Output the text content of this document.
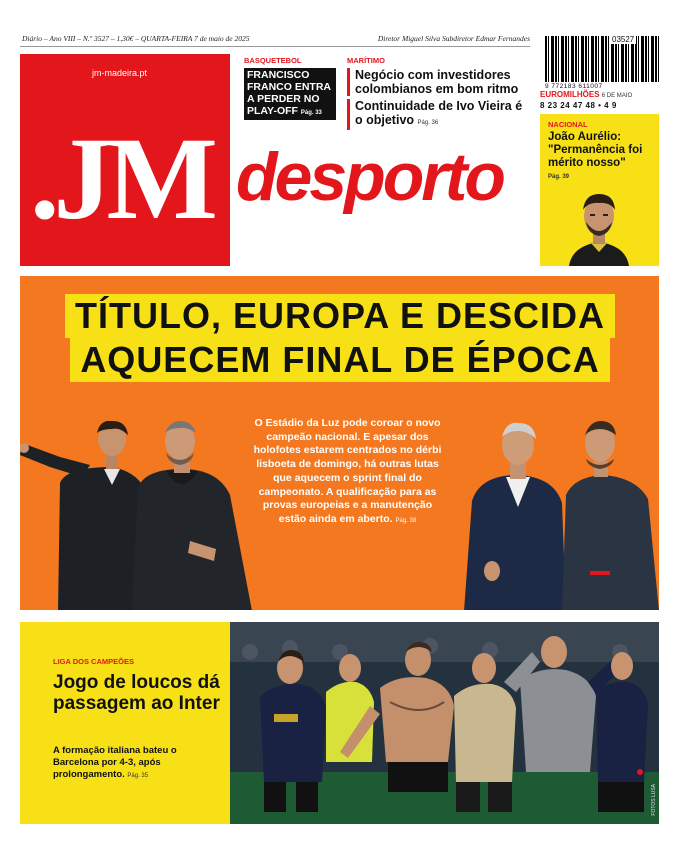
Diário – Ano VIII – N.º 3527 – 1,30€ – QUARTA-FEIRA 7 de maio de 2025	Diretor Miguel Silva Subdiretor Edmar Fernandes
jm-madeira.pt
.JM desporto
BASQUETEBOL
FRANCISCO FRANCO ENTRA A PERDER NO PLAY-OFF Pág. 33
MARÍTIMO
Negócio com investidores colombianos em bom ritmo
Continuidade de Ivo Vieira é o objetivo Pág. 36
03527
9 772183 611007
EUROMILHÕES 6 DE MAIO
8 23 24 47 48 • 4 9
NACIONAL
João Aurélio: "Permanência foi mérito nosso"
Pág. 39
TÍTULO, EUROPA E DESCIDA
AQUECEM FINAL DE ÉPOCA
O Estádio da Luz pode coroar o novo campeão nacional. E apesar dos holofotes estarem centrados no dérbi lisboeta de domingo, há outras lutas que aquecem o sprint final do campeonato. A qualificação para as provas europeias e a manutenção estão ainda em aberto. Pág. 38
LIGA DOS CAMPEÕES
Jogo de loucos dá passagem ao Inter
A formação italiana bateu o Barcelona por 4-3, após prolongamento. Pág. 35
FOTOS LUSA
